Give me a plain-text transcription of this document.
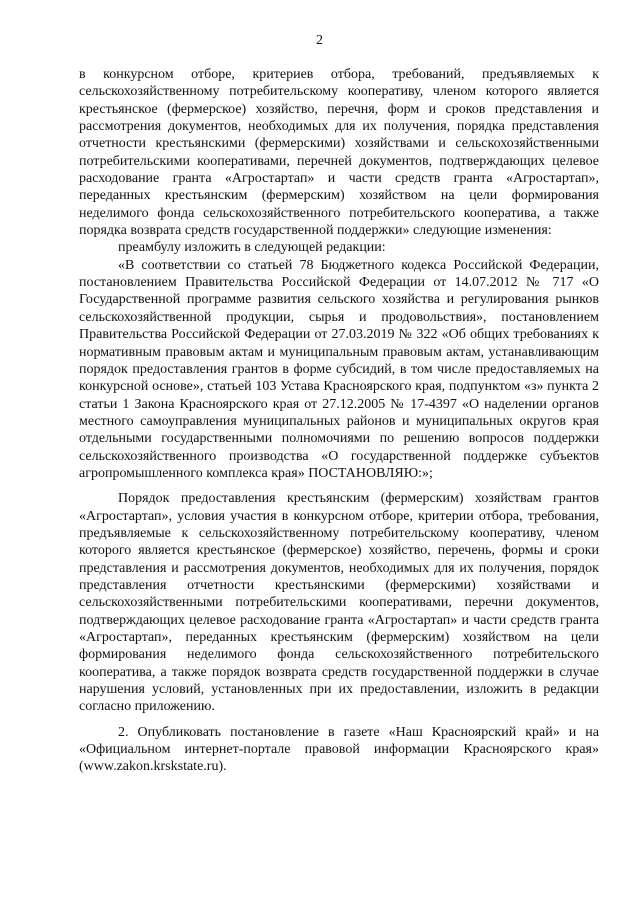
2

в конкурсном отборе, критериев отбора, требований, предъявляемых к сельскохозяйственному потребительскому кооперативу, членом которого является крестьянское (фермерское) хозяйство, перечня, форм и сроков представления и рассмотрения документов, необходимых для их получения, порядка представления отчетности крестьянскими (фермерскими) хозяйствами и сельскохозяйственными потребительскими кооперативами, перечней документов, подтверждающих целевое расходование гранта «Агростартап» и части средств гранта «Агростартап», переданных крестьянским (фермерским) хозяйством на цели формирования неделимого фонда сельскохозяйственного потребительского кооператива, а также порядка возврата средств государственной поддержки» следующие изменения:

преамбулу изложить в следующей редакции:

«В соответствии со статьей 78 Бюджетного кодекса Российской Федерации, постановлением Правительства Российской Федерации от 14.07.2012 № 717 «О Государственной программе развития сельского хозяйства и регулирования рынков сельскохозяйственной продукции, сырья и продовольствия», постановлением Правительства Российской Федерации от 27.03.2019 № 322 «Об общих требованиях к нормативным правовым актам и муниципальным правовым актам, устанавливающим порядок предоставления грантов в форме субсидий, в том числе предоставляемых на конкурсной основе», статьей 103 Устава Красноярского края, подпунктом «з» пункта 2 статьи 1 Закона Красноярского края от 27.12.2005 № 17-4397 «О наделении органов местного самоуправления муниципальных районов и муниципальных округов края отдельными государственными полномочиями по решению вопросов поддержки сельскохозяйственного производства «О государственной поддержке субъектов агропромышленного комплекса края» ПОСТАНОВЛЯЮ:»;

Порядок предоставления крестьянским (фермерским) хозяйствам грантов «Агростартап», условия участия в конкурсном отборе, критерии отбора, требования, предъявляемые к сельскохозяйственному потребительскому кооперативу, членом которого является крестьянское (фермерское) хозяйство, перечень, формы и сроки представления и рассмотрения документов, необходимых для их получения, порядок представления отчетности крестьянскими (фермерскими) хозяйствами и сельскохозяйственными потребительскими кооперативами, перечни документов, подтверждающих целевое расходование гранта «Агростартап» и части средств гранта «Агростартап», переданных крестьянским (фермерским) хозяйством на цели формирования неделимого фонда сельскохозяйственного потребительского кооператива, а также порядок возврата средств государственной поддержки в случае нарушения условий, установленных при их предоставлении, изложить в редакции согласно приложению.

2. Опубликовать постановление в газете «Наш Красноярский край» и на «Официальном интернет-портале правовой информации Красноярского края» (www.zakon.krskstate.ru).
